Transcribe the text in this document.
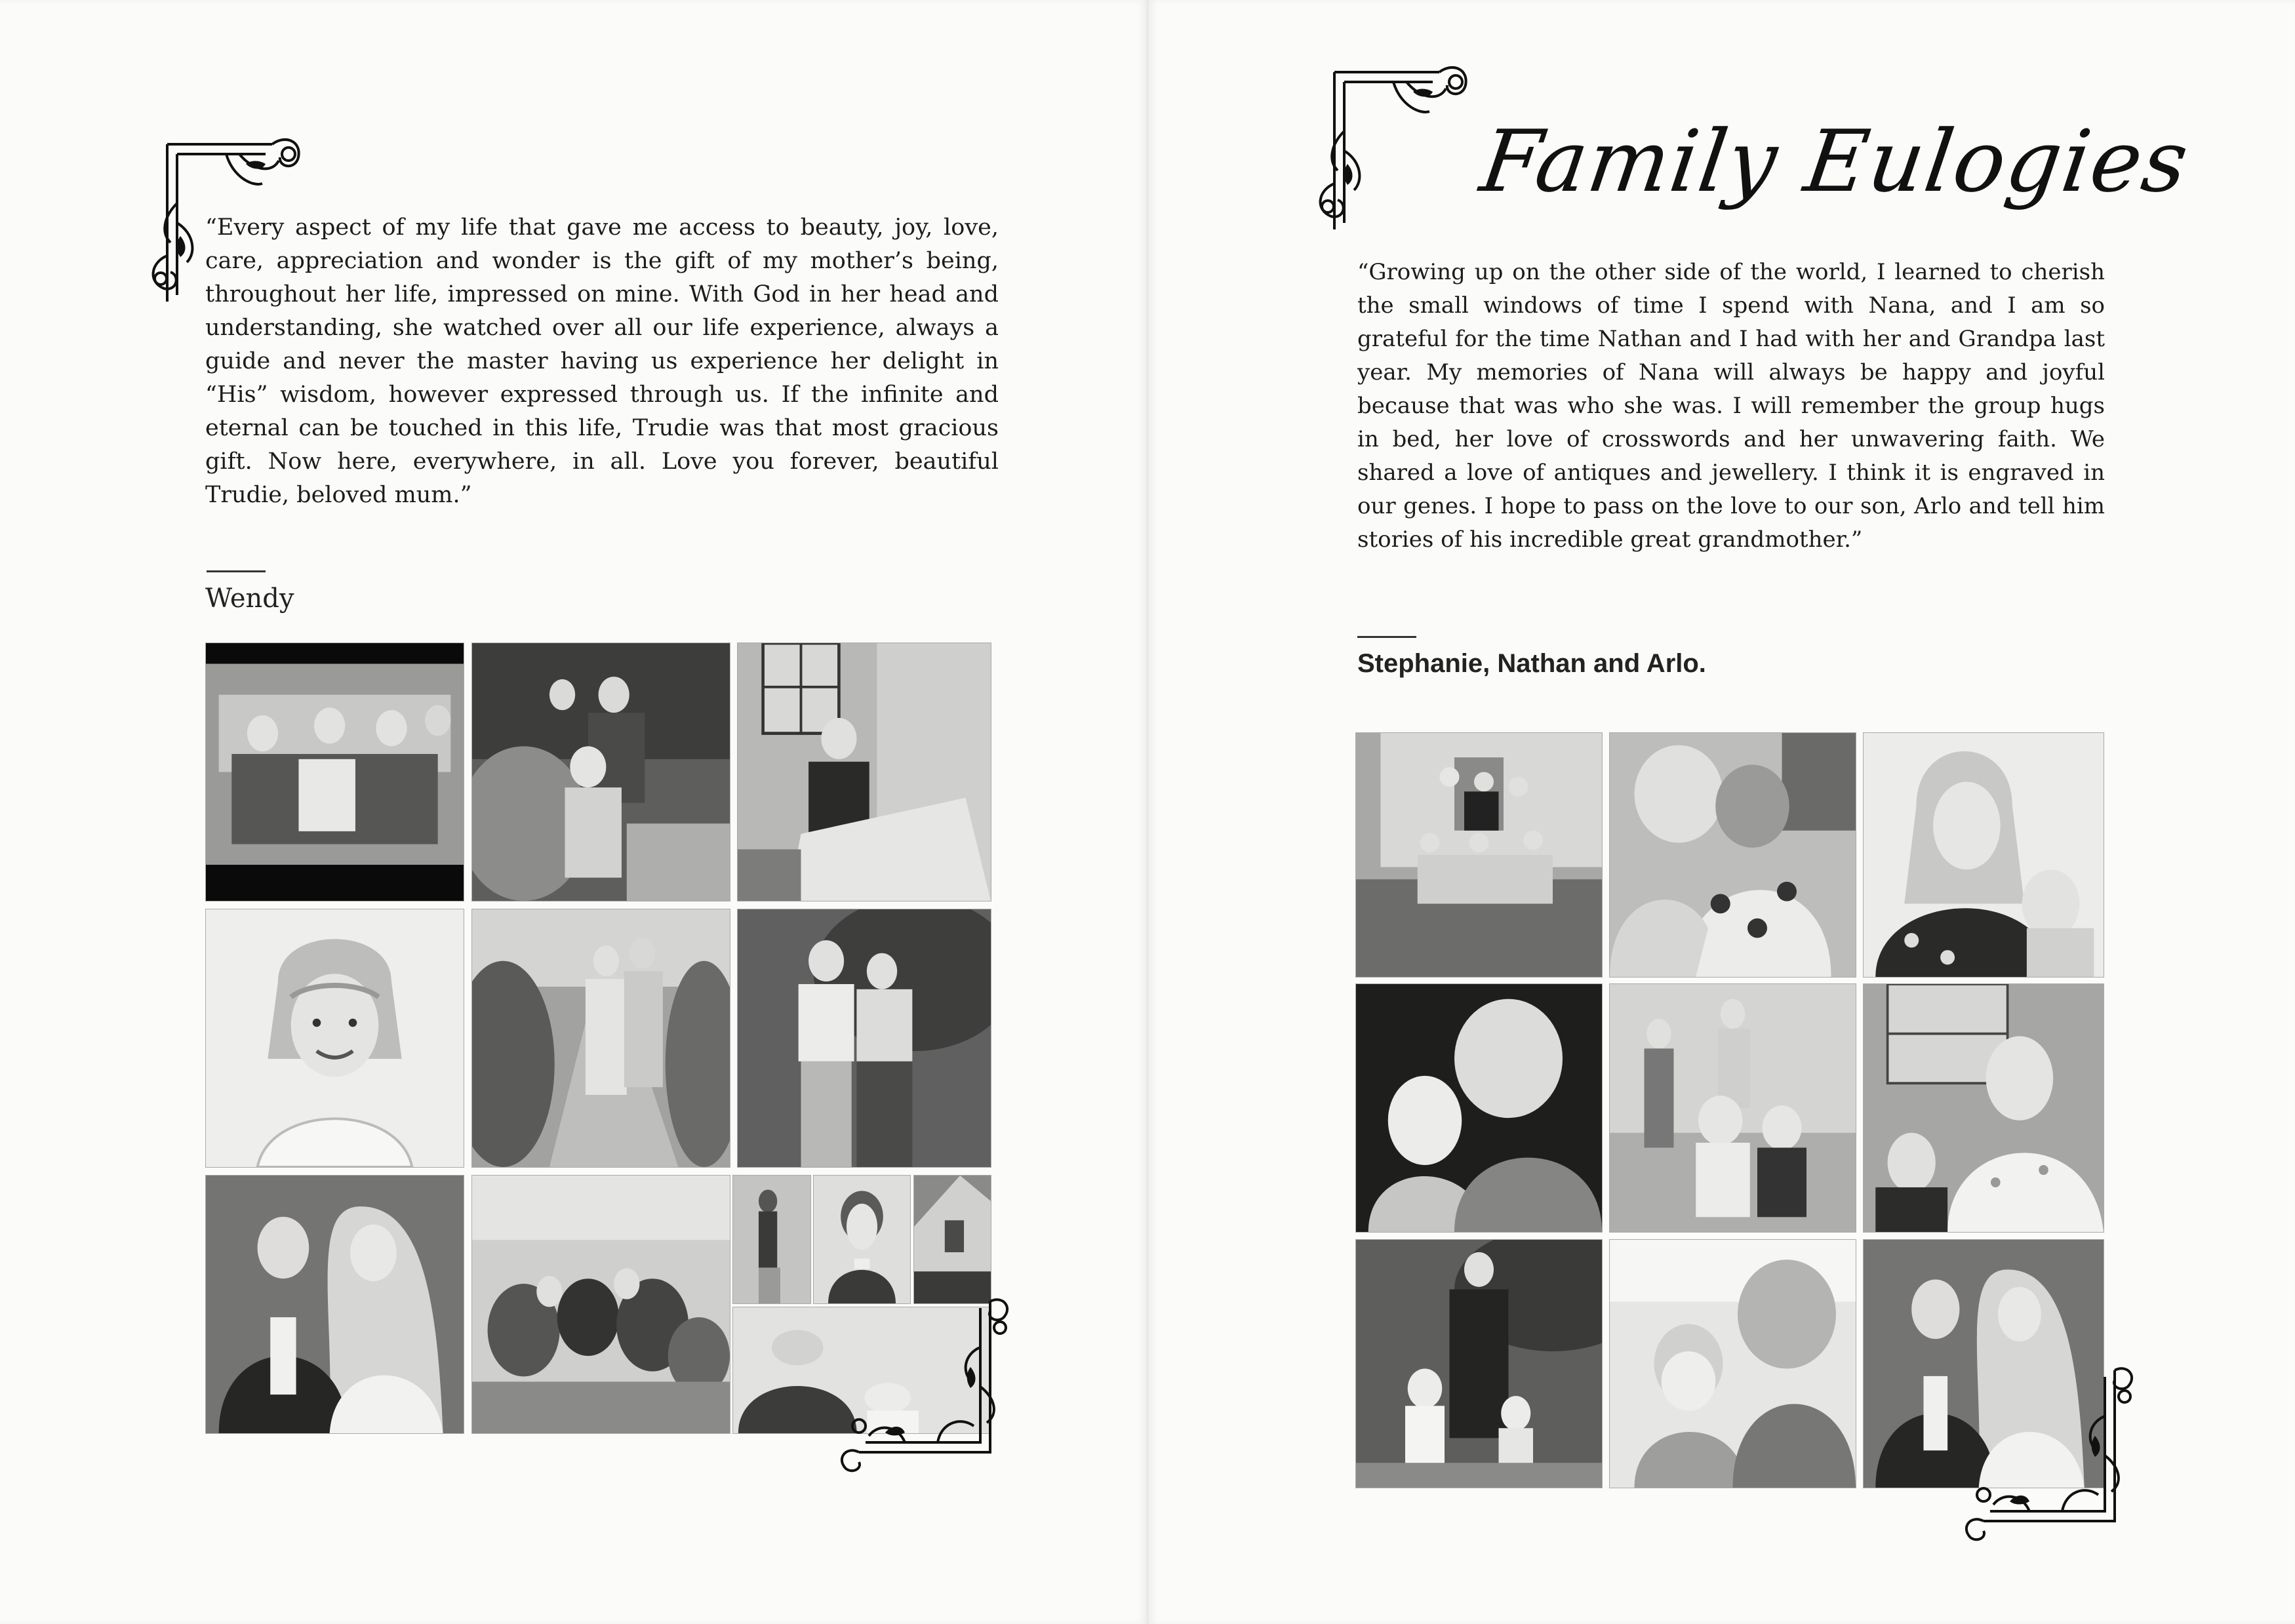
“Every aspect of my life that gave me access to beauty, joy, love, care, appreciation and wonder is the gift of my mother’s being, throughout her life, impressed on mine. With God in her head and understanding, she watched over all our life experience, always a guide and never the master having us experience her delight in “His” wisdom, however expressed through us. If the infinite and eternal can be touched in this life, Trudie was that most gracious gift. Now here, everywhere, in all. Love you forever, beautiful Trudie, beloved mum.”

Wendy
Family Eulogies

“Growing up on the other side of the world, I learned to cherish the small windows of time I spend with Nana, and I am so grateful for the time Nathan and I had with her and Grandpa last year. My memories of Nana will always be happy and joyful because that was who she was. I will remember the group hugs in bed, her love of crosswords and her unwavering faith. We shared a love of antiques and jewellery. I think it is engraved in our genes. I hope to pass on the love to our son, Arlo and tell him stories of his incredible great grandmother.”

Stephanie, Nathan and Arlo.
